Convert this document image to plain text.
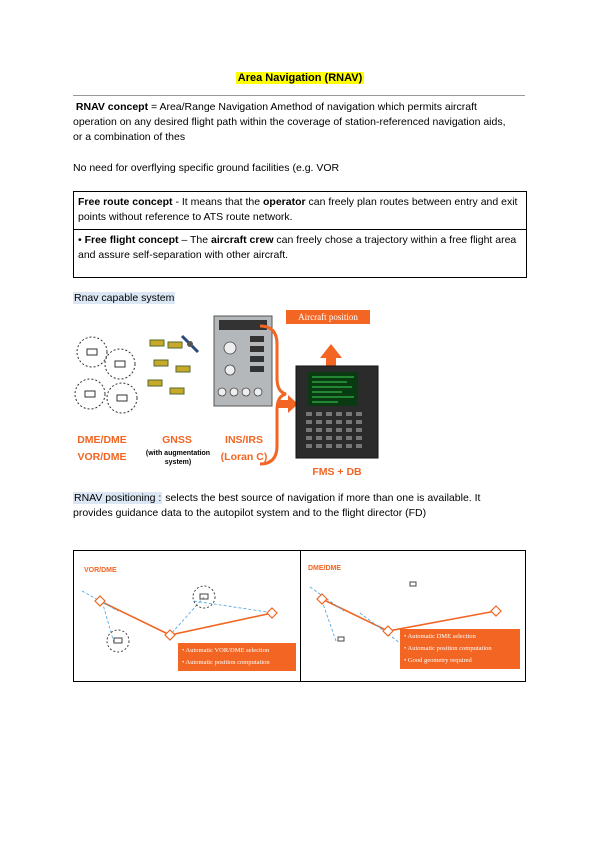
Area Navigation (RNAV)
RNAV concept = Area/Range Navigation Amethod of navigation which permits aircraft operation on any desired flight path within the coverage of station-referenced navigation aids, or a combination of thes
No need for overflying specific ground facilities (e.g. VOR
Free route concept - It means that the operator can freely plan routes between entry and exit points without reference to ATS route network.
• Free flight concept – The aircraft crew can freely chose a trajectory within a free flight area and assure self-separation with other aircraft.
Rnav capable system
Aircraft position
DME/DME
VOR/DME
GNSS
(with augmentation
system)
INS/IRS
(Loran C)
FMS + DB
RNAV positioning : selects the best source of navigation if more than one is available. It provides guidance data to the autopilot system and to the flight director (FD)
VOR/DME
• Automatic VOR/DME selection
• Automatic position computation
DME/DME
• Automatic DME selection
• Automatic position computation
• Good geometry required
